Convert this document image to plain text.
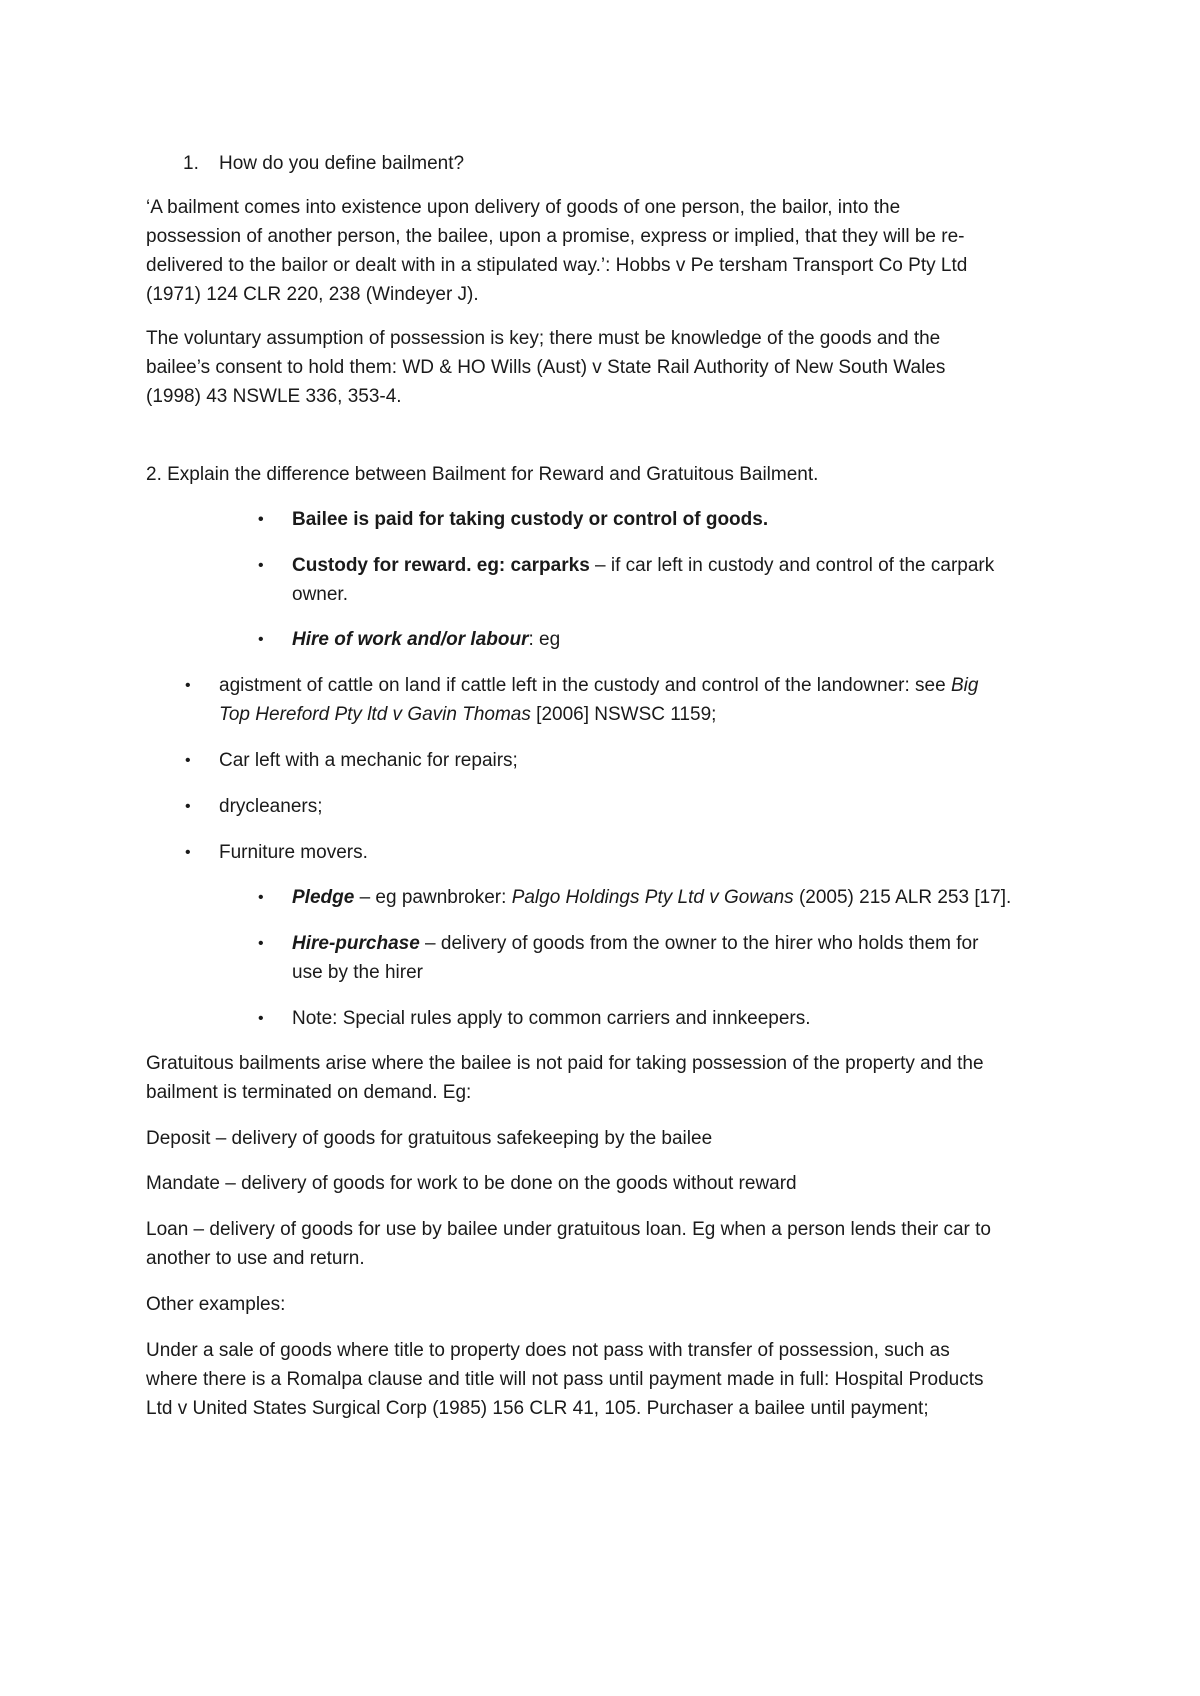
1. How do you define bailment?
‘A bailment comes into existence upon delivery of goods of one person, the bailor, into the
possession of another person, the bailee, upon a promise, express or implied, that they will be re-
delivered to the bailor or dealt with in a stipulated way.’: Hobbs v Pe tersham Transport Co Pty Ltd
(1971) 124 CLR 220, 238 (Windeyer J).
The voluntary assumption of possession is key; there must be knowledge of the goods and the
bailee’s consent to hold them: WD & HO Wills (Aust) v State Rail Authority of New South Wales
(1998) 43 NSWLE 336, 353-4.
2. Explain the difference between Bailment for Reward and Gratuitous Bailment.
• Bailee is paid for taking custody or control of goods.
• Custody for reward. eg: carparks – if car left in custody and control of the carpark
owner.
• Hire of work and/or labour: eg
• agistment of cattle on land if cattle left in the custody and control of the landowner: see Big
Top Hereford Pty ltd v Gavin Thomas [2006] NSWSC 1159;
• Car left with a mechanic for repairs;
• drycleaners;
• Furniture movers.
• Pledge – eg pawnbroker: Palgo Holdings Pty Ltd v Gowans (2005) 215 ALR 253 [17].
• Hire-purchase – delivery of goods from the owner to the hirer who holds them for
use by the hirer
• Note: Special rules apply to common carriers and innkeepers.
Gratuitous bailments arise where the bailee is not paid for taking possession of the property and the
bailment is terminated on demand. Eg:
Deposit – delivery of goods for gratuitous safekeeping by the bailee
Mandate – delivery of goods for work to be done on the goods without reward
Loan – delivery of goods for use by bailee under gratuitous loan. Eg when a person lends their car to
another to use and return.
Other examples:
Under a sale of goods where title to property does not pass with transfer of possession, such as
where there is a Romalpa clause and title will not pass until payment made in full: Hospital Products
Ltd v United States Surgical Corp (1985) 156 CLR 41, 105. Purchaser a bailee until payment;
